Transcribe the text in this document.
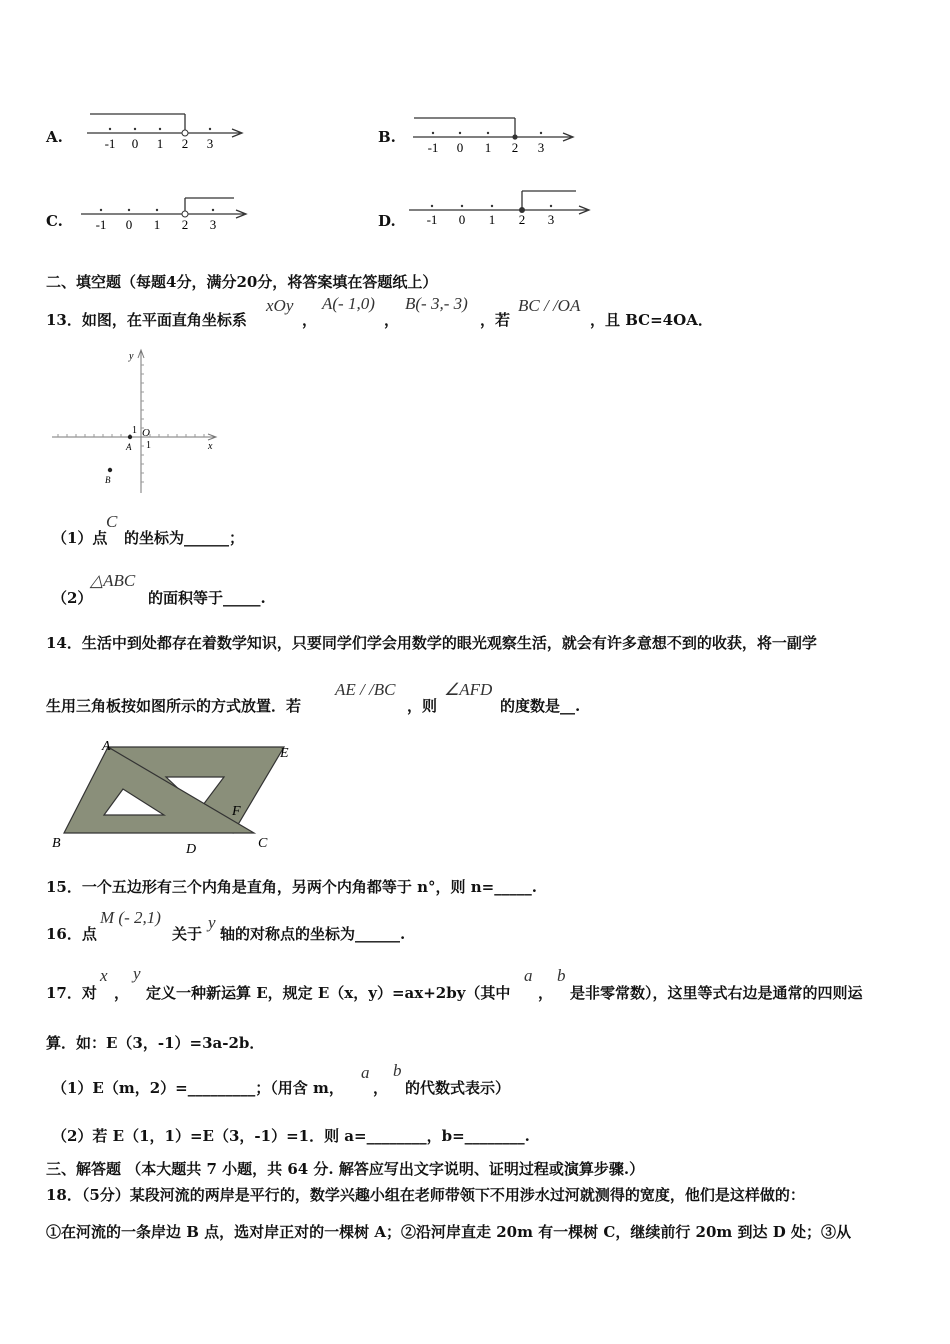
A.	-1 0 1 2 3	B.
-1 0 1 2 3
C.	-1 0 1 2 3	D. -1 0 1 2 3
二、填空题（每题4分，满分20分，将答案填在答题纸上）
13．如图，在平面直角坐标系
xOy
，
A(- 1,0)
，
B(- 3,- 3)
，若
BC / /OA
，且 BC=4OA．
y
x
O
1
1
A
B
（1）点
C
的坐标为______；
（2）
△ABC
的面积等于_____.
14．生活中到处都存在着数学知识，只要同学们学会用数学的眼光观察生活，就会有许多意想不到的收获，将一副学
生用三角板按如图所示的方式放置．若
AE / /BC
，则
∠AFD
的度数是__.
A	E
F
B	D	C
15．一个五边形有三个内角是直角，另两个内角都等于 n°，则 n=_____.
16．点
M (- 2,1)
关于
y
轴的对称点的坐标为______.
17．对
x
，
y
定义一种新运算 E，规定 E（x，y）=ax+2by（其中
a
，
b
是非零常数），这里等式右边是通常的四则运
算．如：E（3，-1）=3a-2b．
（1）E（m，2）=_________；（用含 m，
a
，
b
的代数式表示）
（2）若 E（1，1）=E（3，-1）=1．则 a=________，b=________.
三、解答题 （本大题共 7 小题，共 64 分. 解答应写出文字说明、证明过程或演算步骤.）
18．（5分）某段河流的两岸是平行的，数学兴趣小组在老师带领下不用涉水过河就测得的宽度，他们是这样做的：
①在河流的一条岸边 B 点，选对岸正对的一棵树 A；②沿河岸直走 20m 有一棵树 C，继续前行 20m 到达 D 处；③从
